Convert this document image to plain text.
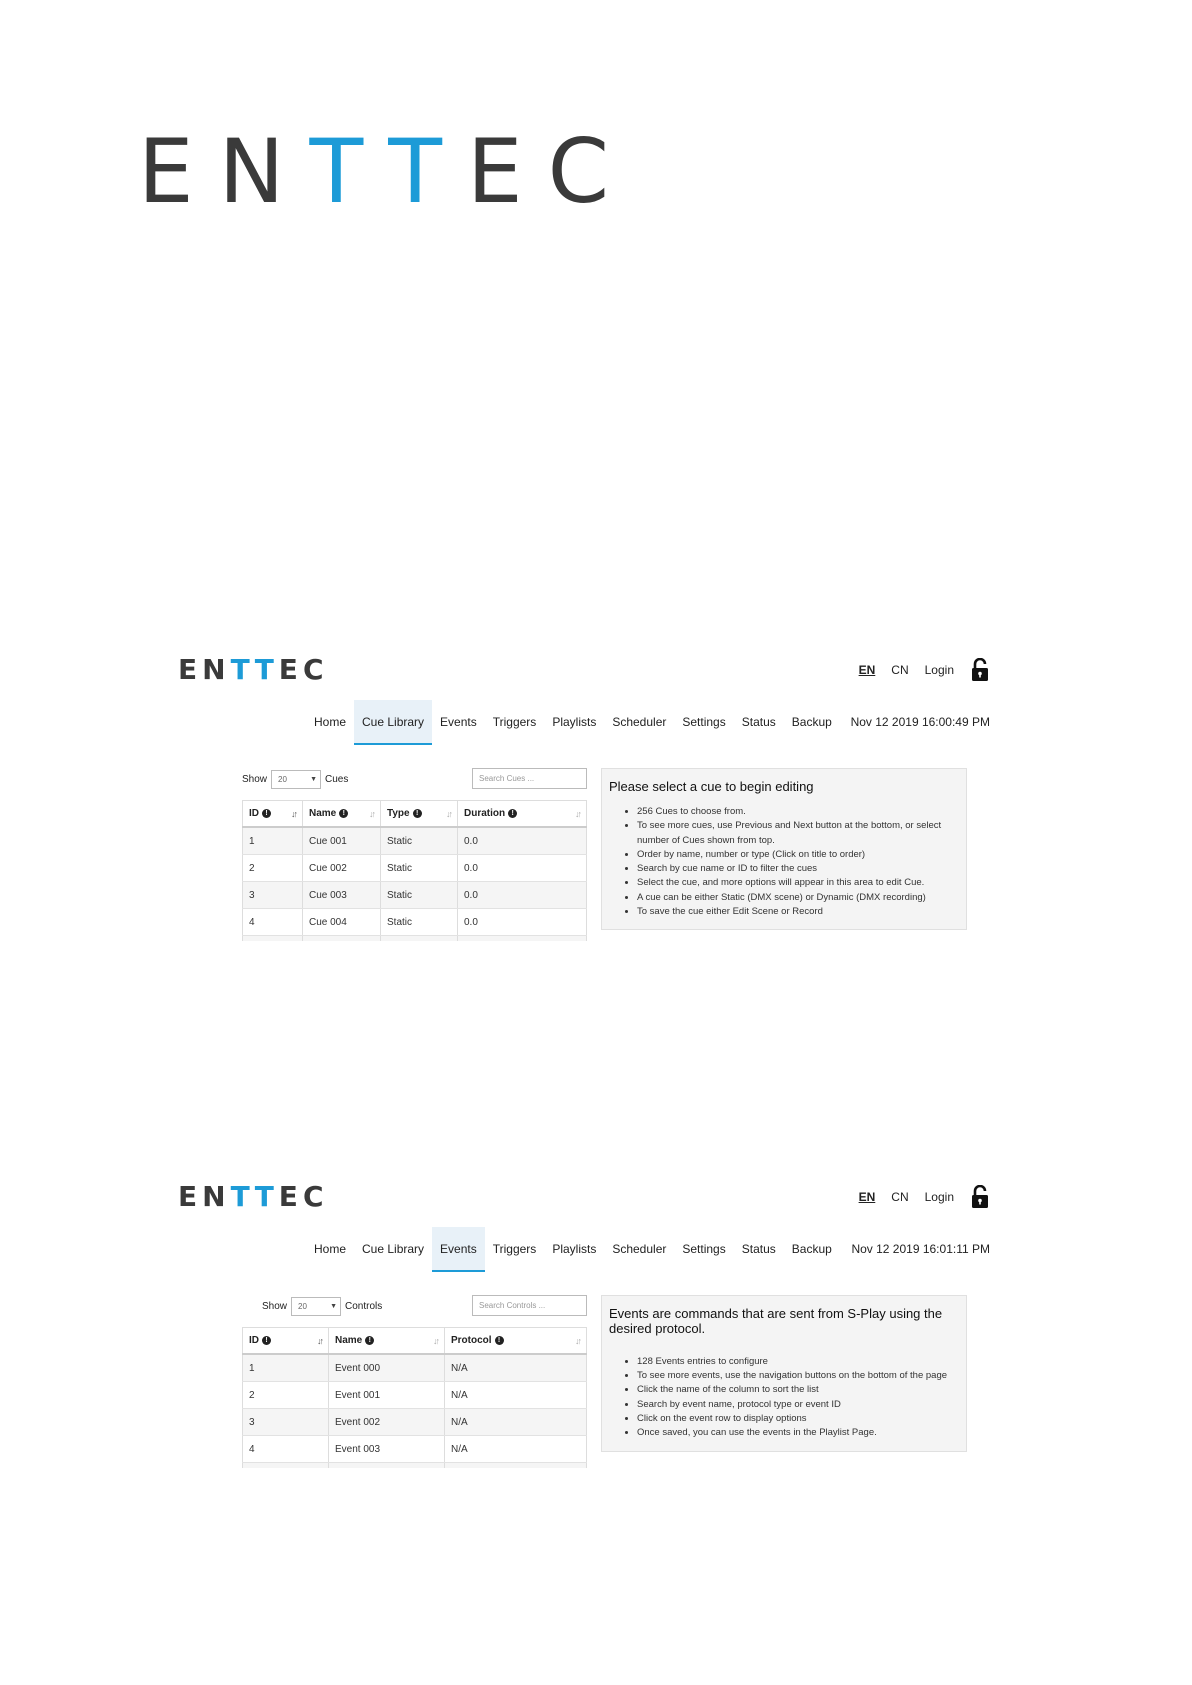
E N T T E C
E N T T E C	EN CN Login
Home	Cue Library	Events	Triggers	Playlists	Scheduler	Settings	Status	Backup	Nov 12 2019 16:00:49 PM
Show	20	▼ Cues	Search Cues ...
ID ! ↓↑	Name ! ↓↑	Type ! ↓↑	Duration ! ↓↑

1	Cue 001	Static	0.0
2	Cue 002	Static	0.0
3	Cue 003	Static	0.0
4	Cue 004	Static	0.0

Please select a cue to begin editing

• 256 Cues to choose from.
• To see more cues, use Previous and Next button at the bottom, or select number of Cues shown from top.
• Order by name, number or type (Click on title to order)
• Search by cue name or ID to filter the cues
• Select the cue, and more options will appear in this area to edit Cue.
• A cue can be either Static (DMX scene) or Dynamic (DMX recording)
• To save the cue either Edit Scene or Record
E N T T E C	EN CN Login
Home	Cue Library	Events	Triggers	Playlists	Scheduler	Settings	Status	Backup	Nov 12 2019 16:01:11 PM
Show	20	▼ Controls	Search Controls ...
ID ! ↓↑	Name ! ↓↑	Protocol ! ↓↑

1	Event 000	N/A
2	Event 001	N/A
3	Event 002	N/A
4	Event 003	N/A

Events are commands that are sent from S-Play using the desired protocol.

• 128 Events entries to configure
• To see more events, use the navigation buttons on the bottom of the page
• Click the name of the column to sort the list
• Search by event name, protocol type or event ID
• Click on the event row to display options
• Once saved, you can use the events in the Playlist Page.
